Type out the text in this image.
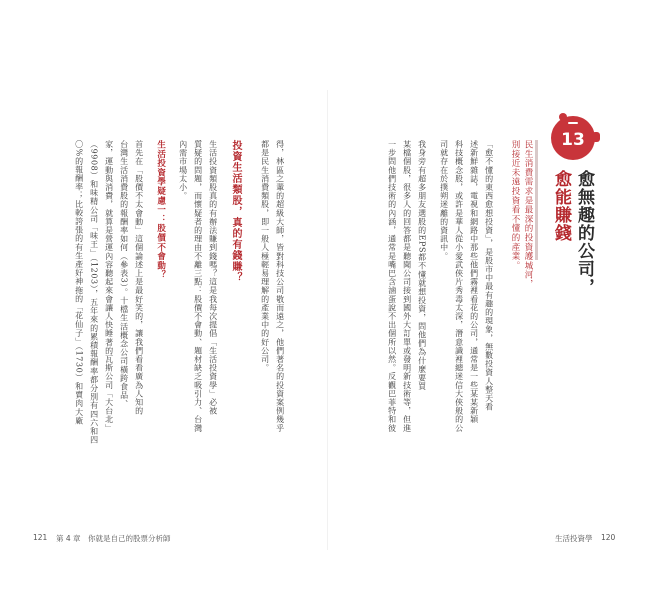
13
愈無趣的公司，
愈能賺錢
民生消費需求是最深的投資護城河，
別接近未遠投資看不懂的產業。
「愈不懂的東西愈想投資」，是股市中最有趣的現象，無數投資人整天看
述新鮮雜誌，電視和網路中那些他們霧裡看花的公司，通常是一些某某新穎
科技概念股，或許是華人從小愛武俠片秀毒太深，潛意識裡總迷信大俠般的公
司就存在於撲朔迷離的資訊中。
我身旁有超多朋友選股的EPS都不懂就想投資，問他們為什麼要買
某檔個股，很多人的回答都是聽聞公司接到國外大訂單或發明新技術等，但進
一步問他們技術的內涵，通常是嘴巴含滷蛋說不出個所以然。反觀巴菲特和彼
生活投資學 120
得，林區之輩的超級大師，皆對科技公司敬而遠之，他們著名的投資案例幾乎
都是民生消費類股，即一般人極輕易理解的產業中的好公司。
投資生活類股，真的有錢賺？
生活投資類股真的有辦法賺到錢嗎？這是我每次提倡「生活投資學」必被
質疑的問題，而懷疑者的理由不離三點：股價不會動、題材缺乏吸引力、台灣
內需市場太小。
生活投資學疑慮一：股價不會動？
首先在「股價不太會動」這個論述上是最好笑的，讓我們看看廣為人知的
台灣生活消費股的報酬率如何（參表3）。十檔生活概念公司橫跨食品、
家，運動與消費，就算是營運內容聽起來會讓人快睡著的瓦斯公司「大台北」
（9908）和味精公司「味王」（1203），五年來的累積報酬率都分別有四六和四
〇%的報酬率；比較誇張的有生產好神拖的「花仙子」（1730）和賣肉大廠
121 第 4 章　你就是自己的股票分析師
